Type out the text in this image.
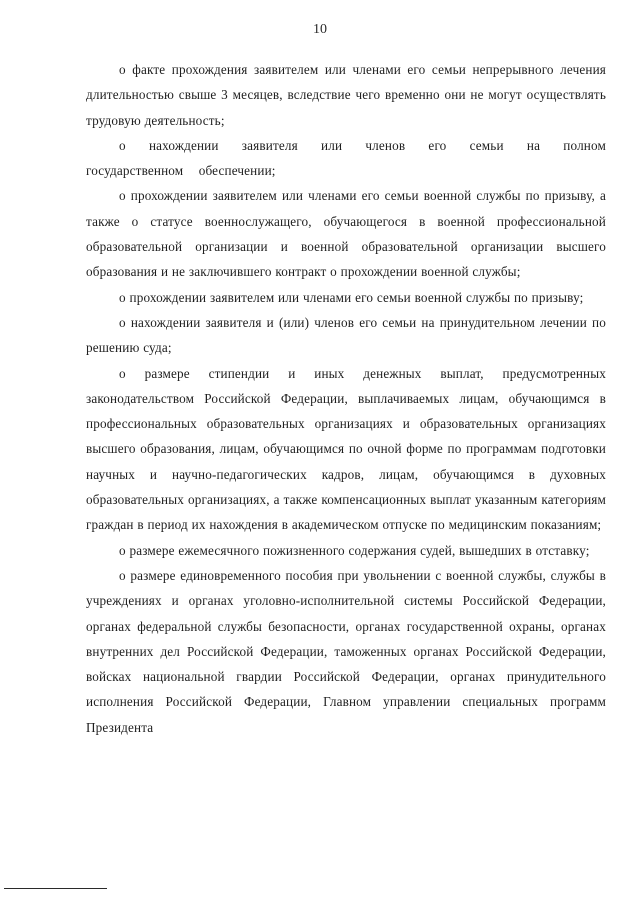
10

о факте прохождения заявителем или членами его семьи непрерывного лечения длительностью свыше 3 месяцев, вследствие чего временно они не могут осуществлять трудовую деятельность;

о нахождении заявителя или членов его семьи на полном государственном обеспечении;

о прохождении заявителем или членами его семьи военной службы по призыву, а также о статусе военнослужащего, обучающегося в военной профессиональной образовательной организации и военной образовательной организации высшего образования и не заключившего контракт о прохождении военной службы;

о прохождении заявителем или членами его семьи военной службы по призыву;

о нахождении заявителя и (или) членов его семьи на принудительном лечении по решению суда;

о размере стипендии и иных денежных выплат, предусмотренных законодательством Российской Федерации, выплачиваемых лицам, обучающимся в профессиональных образовательных организациях и образовательных организациях высшего образования, лицам, обучающимся по очной форме по программам подготовки научных и научно-педагогических кадров, лицам, обучающимся в духовных образовательных организациях, а также компенсационных выплат указанным категориям граждан в период их нахождения в академическом отпуске по медицинским показаниям;

о размере ежемесячного пожизненного содержания судей, вышедших в отставку;

о размере единовременного пособия при увольнении с военной службы, службы в учреждениях и органах уголовно-исполнительной системы Российской Федерации, органах федеральной службы безопасности, органах государственной охраны, органах внутренних дел Российской Федерации, таможенных органах Российской Федерации, войсках национальной гвардии Российской Федерации, органах принудительного исполнения Российской Федерации, Главном управлении специальных программ Президента
